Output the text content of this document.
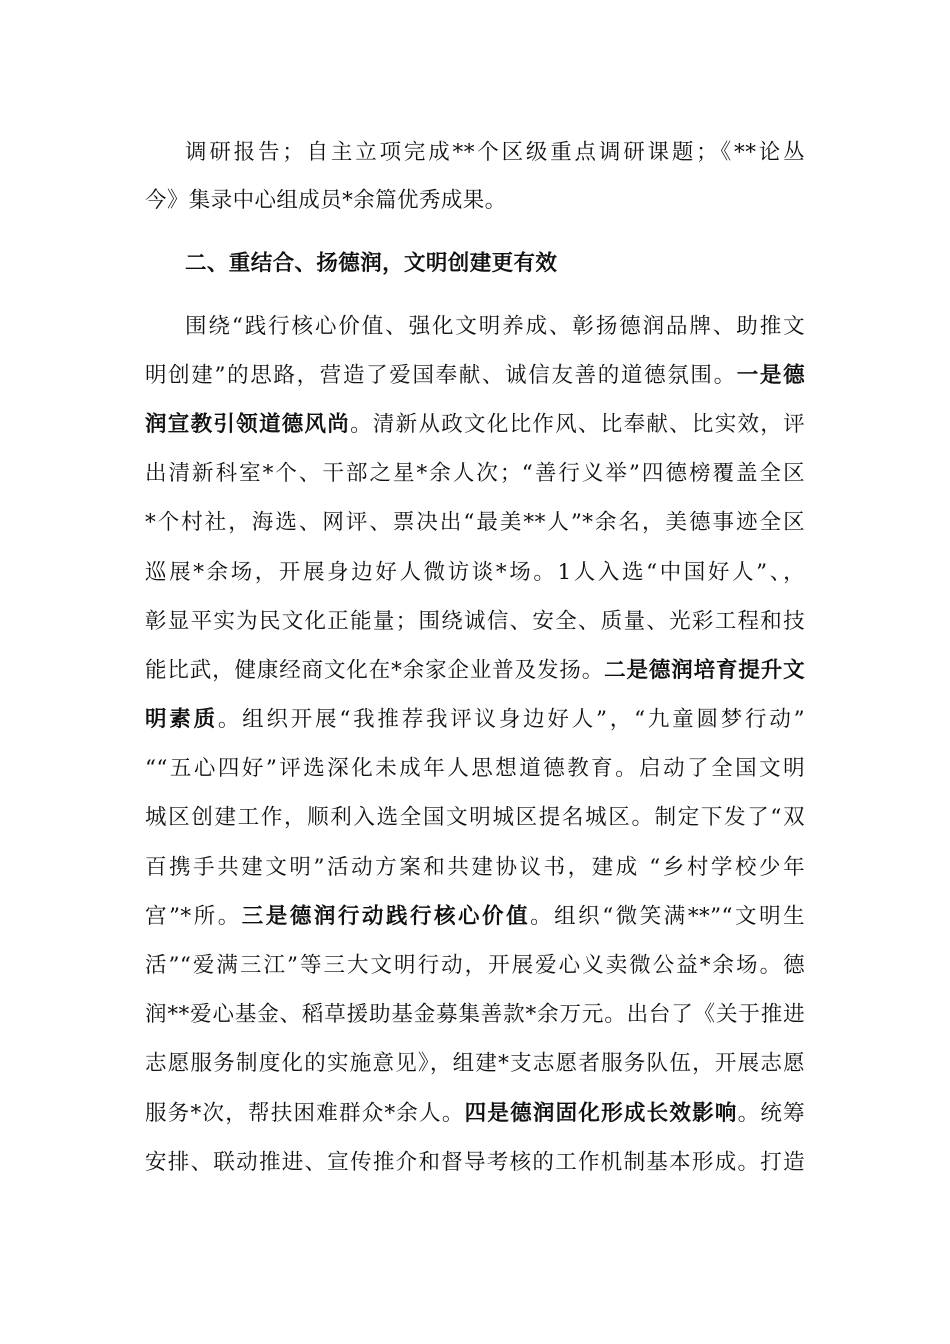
调研报告；自主立项完成**个区级重点调研课题；《**论丛
今》集录中心组成员*余篇优秀成果。
二、重结合、扬德润，文明创建更有效
围绕“践行核心价值、强化文明养成、彰扬德润品牌、助推文
明创建”的思路，营造了爱国奉献、诚信友善的道德氛围。一是德
润宣教引领道德风尚。清新从政文化比作风、比奉献、比实效，评
出清新科室*个、干部之星*余人次；“善行义举”四德榜覆盖全区
*个村社，海选、网评、票决出“最美**人”*余名，美德事迹全区
巡展*余场，开展身边好人微访谈*场。1人入选“中国好人”、，
彰显平实为民文化正能量；围绕诚信、安全、质量、光彩工程和技
能比武，健康经商文化在*余家企业普及发扬。二是德润培育提升文
明素质。组织开展“我推荐我评议身边好人”，“九童圆梦行动”
““五心四好”评选深化未成年人思想道德教育。启动了全国文明
城区创建工作，顺利入选全国文明城区提名城区。制定下发了“双
百携手共建文明”活动方案和共建协议书，建成 “乡村学校少年
宫”*所。三是德润行动践行核心价值。组织“微笑满**”“文明生
活”“爱满三江”等三大文明行动，开展爱心义卖微公益*余场。德
润**爱心基金、稻草援助基金募集善款*余万元。出台了《关于推进
志愿服务制度化的实施意见》，组建*支志愿者服务队伍，开展志愿
服务*次，帮扶困难群众*余人。四是德润固化形成长效影响。统筹
安排、联动推进、宣传推介和督导考核的工作机制基本形成。打造
